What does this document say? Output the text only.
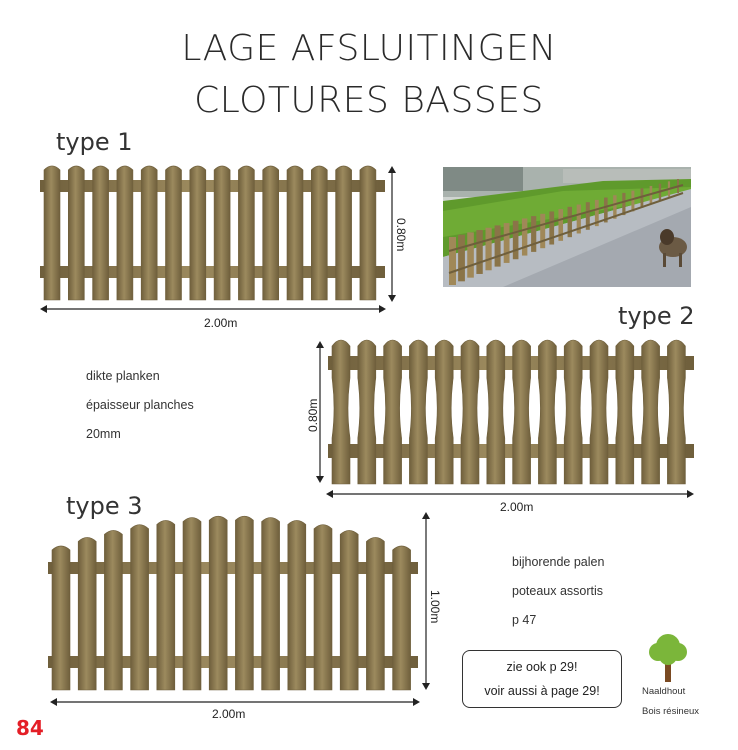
LAGE AFSLUITINGEN
CLOTURES BASSES
type 1
0.80m
2.00m	type 2
0.80m
2.00m
dikte planken
épaisseur planches
20mm
type 3
1.00m
2.00m
bijhorende palen
poteaux assortis
p 47
zie ook p 29!
voir aussi à page 29!	Naaldhout
Bois résineux
84
